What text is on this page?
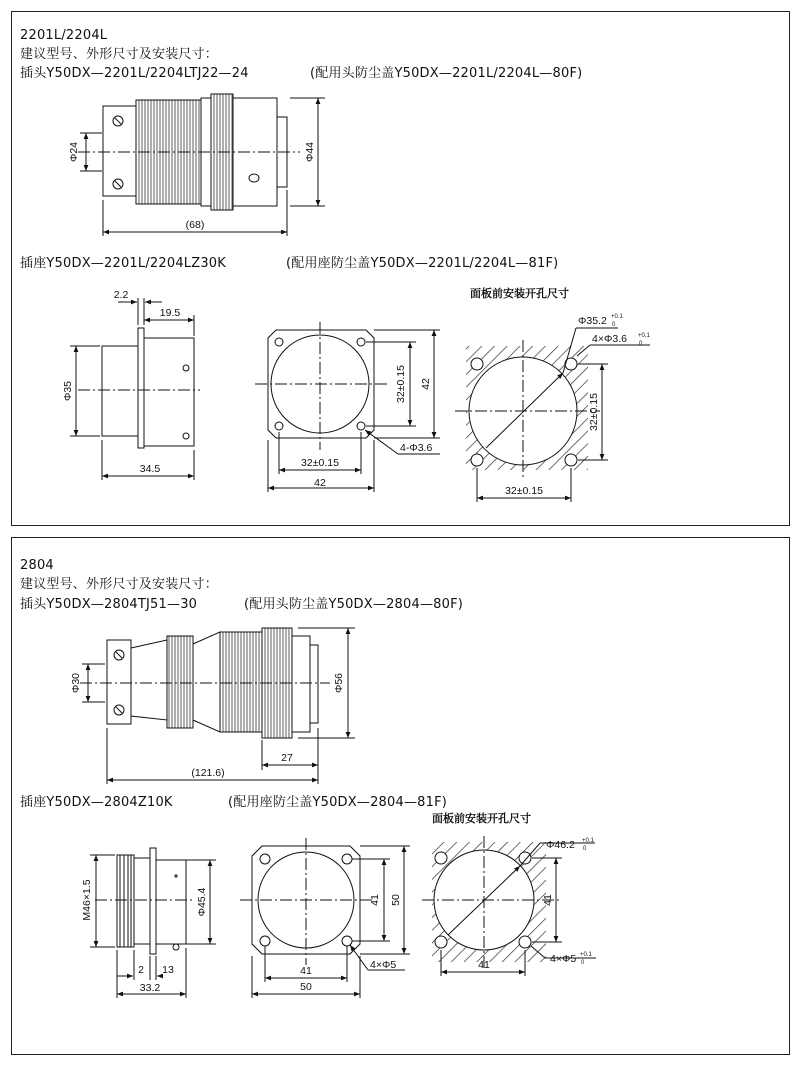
2201L/2204L
建议型号、外形尺寸及安装尺寸：
插头Y50DX—2201L/2204LTJ22—24	(配用头防尘盖Y50DX—2201L/2204L—80F)
插座Y50DX—2201L/2204LZ30K	(配用座防尘盖Y50DX—2201L/2204L—81F)
2804
建议型号、外形尺寸及安装尺寸：
插头Y50DX—2804TJ51—30	(配用头防尘盖Y50DX—2804—80F)
插座Y50DX—2804Z10K	(配用座防尘盖Y50DX—2804—81F)
Φ24	Φ44
(68)
2.2
19.5
Φ35
34.5
32±0.15 42
32±0.15
42
4-Φ3.6
面板前安装开孔尺寸
Φ35.2 +0.1
0
4×Φ3.6 +0.1
0
32±0.15
32±0.15
Φ30	Φ56
27
(121.6)
M46×1.5	Φ45.4
2 13
33.2
41 50
41
50
4×Φ5
面板前安装开孔尺寸
Φ46.2 +0.1
0
4×Φ5 +0.1
0
41
41
